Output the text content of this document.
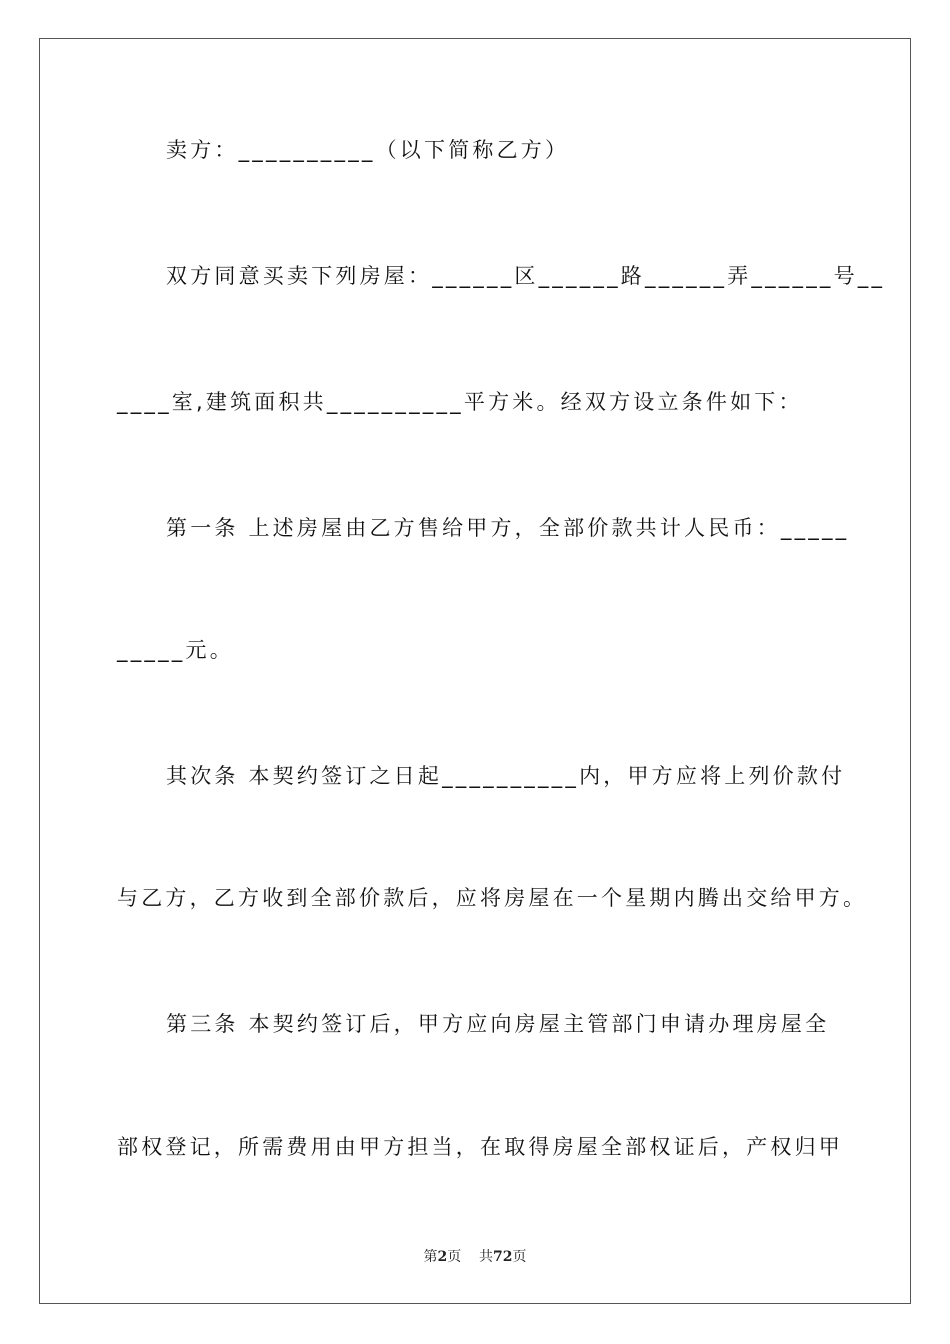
卖方：__________（以下简称乙方）

双方同意买卖下列房屋：______区______路______弄______号__

____室,建筑面积共__________平方米。经双方设立条件如下：

第一条 上述房屋由乙方售给甲方，全部价款共计人民币：_____

_____元。

其次条 本契约签订之日起__________内，甲方应将上列价款付

与乙方，乙方收到全部价款后，应将房屋在一个星期内腾出交给甲方。

第三条 本契约签订后，甲方应向房屋主管部门申请办理房屋全

部权登记，所需费用由甲方担当，在取得房屋全部权证后，产权归甲

第2页 共72页
